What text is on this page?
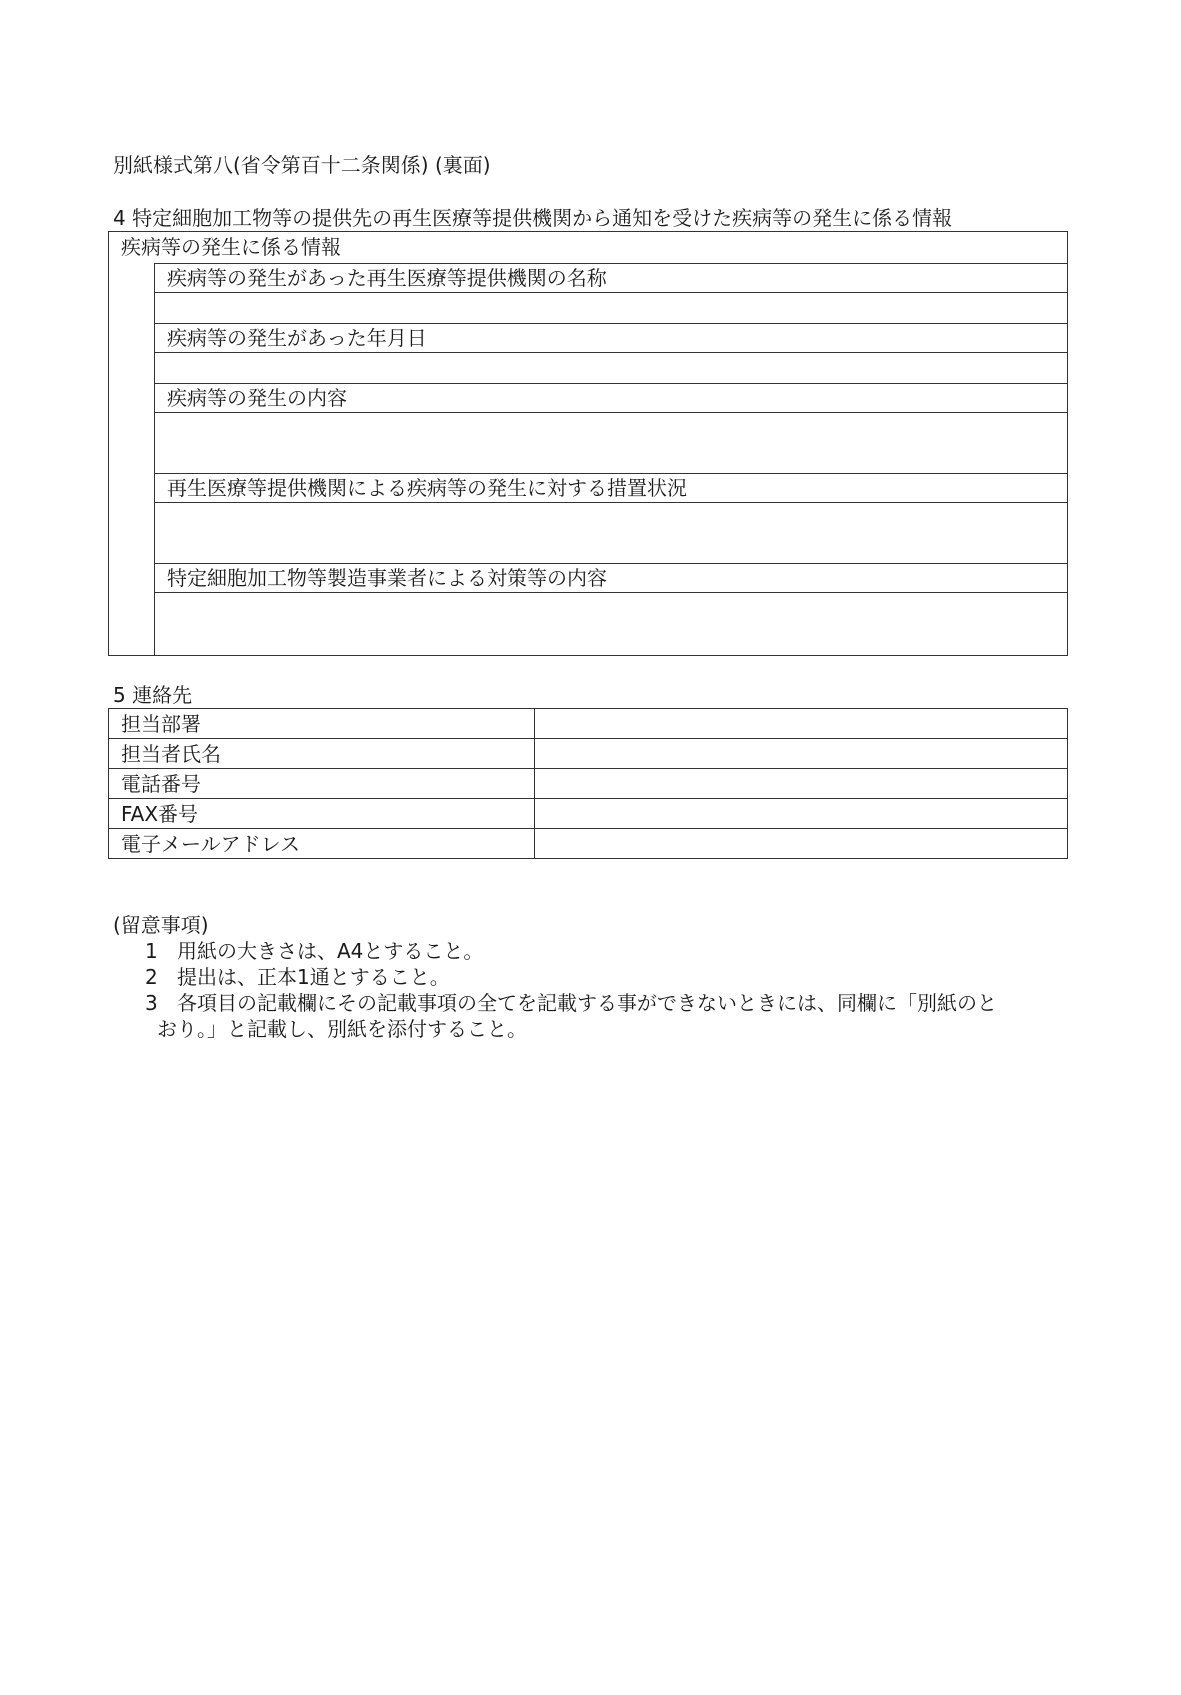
別紙様式第八(省令第百十二条関係) (裏面)
4 特定細胞加工物等の提供先の再生医療等提供機関から通知を受けた疾病等の発生に係る情報
疾病等の発生に係る情報
疾病等の発生があった再生医療等提供機関の名称
疾病等の発生があった年月日
疾病等の発生の内容
再生医療等提供機関による疾病等の発生に対する措置状況
特定細胞加工物等製造事業者による対策等の内容
5 連絡先
担当部署	
担当者氏名	
電話番号	
FAX番号	
電子メールアドレス	
(留意事項)
1 用紙の大きさは、A4とすること。
2 提出は、正本1通とすること。
3 各項目の記載欄にその記載事項の全てを記載する事ができないときには、同欄に「別紙のと
おり。」と記載し、別紙を添付すること。
